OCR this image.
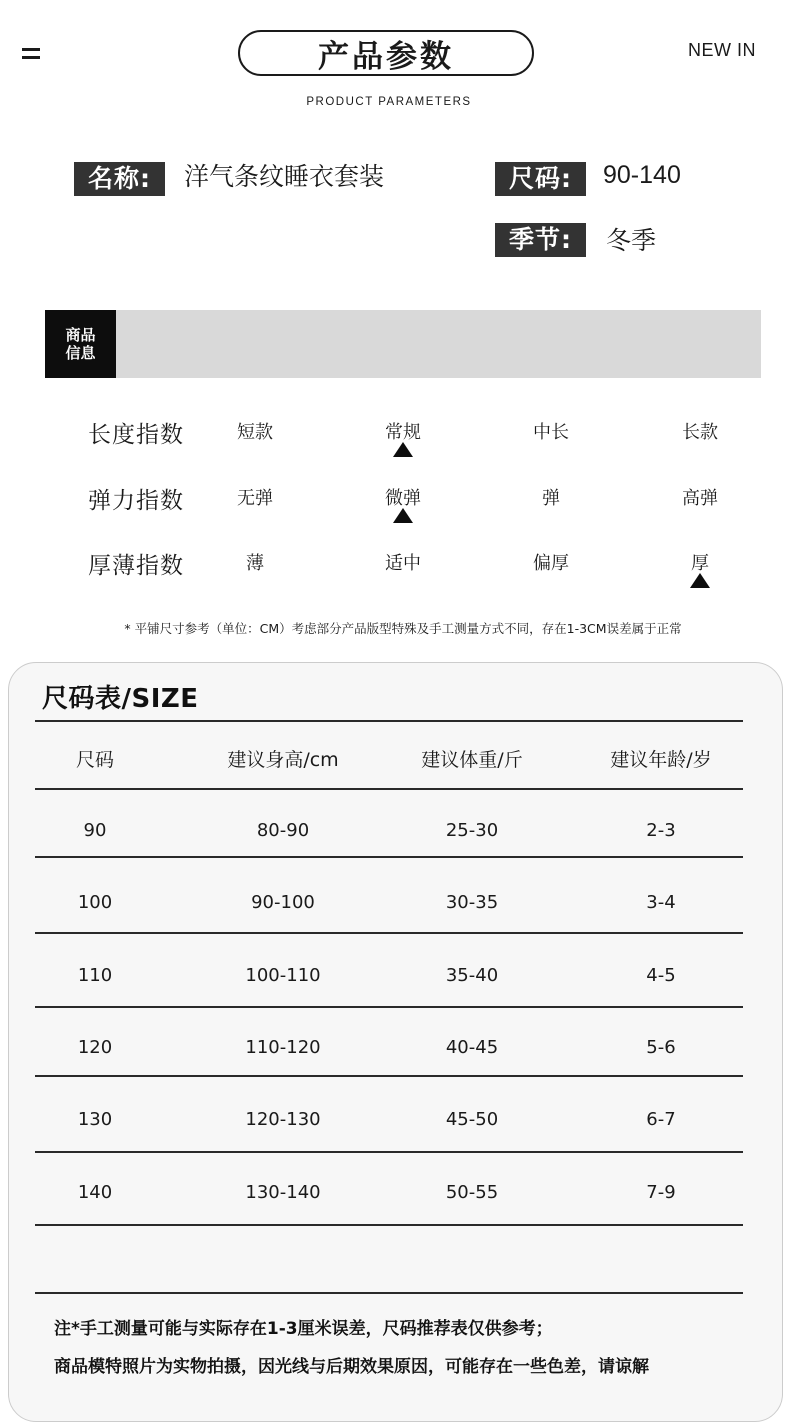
产品参数	NEW IN
PRODUCT PARAMETERS
名称:	洋气条纹睡衣套装	尺码:	90-140
季节:	冬季
商品
信息
长度指数	短款	常规	中长	长款
弹力指数	无弹	微弹	弹	高弹
厚薄指数	薄	适中	偏厚	厚
* 平铺尺寸参考（单位：CM）考虑部分产品版型特殊及手工测量方式不同，存在1-3CM误差属于正常
尺码表/SIZE
尺码	建议身高/cm	建议体重/斤	建议年龄/岁
90	80-90	25-30	2-3
100	90-100	30-35	3-4
110	100-110	35-40	4-5
120	110-120	40-45	5-6
130	120-130	45-50	6-7
140	130-140	50-55	7-9
注*手工测量可能与实际存在1-3厘米误差，尺码推荐表仅供参考；
商品模特照片为实物拍摄，因光线与后期效果原因，可能存在一些色差，请谅解
